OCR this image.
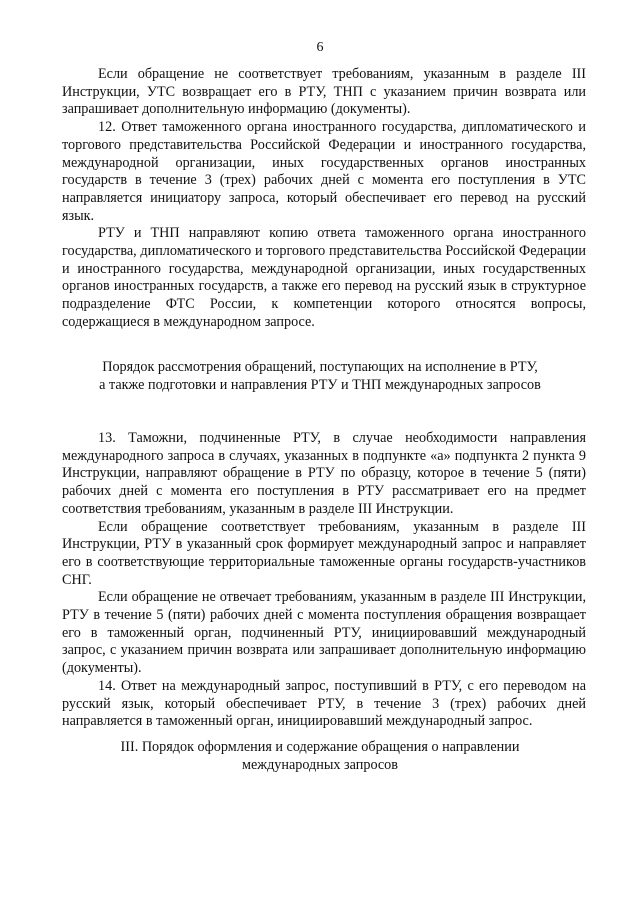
6

Если обращение не соответствует требованиям, указанным в разделе III Инструкции, УТС возвращает его в РТУ, ТНП с указанием причин возврата или запрашивает дополнительную информацию (документы).

12. Ответ таможенного органа иностранного государства, дипломатического и торгового представительства Российской Федерации и иностранного государства, международной организации, иных государственных органов иностранных государств в течение 3 (трех) рабочих дней с момента его поступления в УТС направляется инициатору запроса, который обеспечивает его перевод на русский язык.

РТУ и ТНП направляют копию ответа таможенного органа иностранного государства, дипломатического и торгового представительства Российской Федерации и иностранного государства, международной организации, иных государственных органов иностранных государств, а также его перевод на русский язык в структурное подразделение ФТС России, к компетенции которого относятся вопросы, содержащиеся в международном запросе.

Порядок рассмотрения обращений, поступающих на исполнение в РТУ,
а также подготовки и направления РТУ и ТНП международных запросов

13. Таможни, подчиненные РТУ, в случае необходимости направления международного запроса в случаях, указанных в подпункте «а» подпункта 2 пункта 9 Инструкции, направляют обращение в РТУ по образцу, которое в течение 5 (пяти) рабочих дней с момента его поступления в РТУ рассматривает его на предмет соответствия требованиям, указанным в разделе III Инструкции.

Если обращение соответствует требованиям, указанным в разделе III Инструкции, РТУ в указанный срок формирует международный запрос и направляет его в соответствующие территориальные таможенные органы государств-участников СНГ.

Если обращение не отвечает требованиям, указанным в разделе III Инструкции, РТУ в течение 5 (пяти) рабочих дней с момента поступления обращения возвращает его в таможенный орган, подчиненный РТУ, инициировавший международный запрос, с указанием причин возврата или запрашивает дополнительную информацию (документы).

14. Ответ на международный запрос, поступивший в РТУ, с его переводом на русский язык, который обеспечивает РТУ, в течение 3 (трех) рабочих дней направляется в таможенный орган, инициировавший международный запрос.

III. Порядок оформления и содержание обращения о направлении
международных запросов
